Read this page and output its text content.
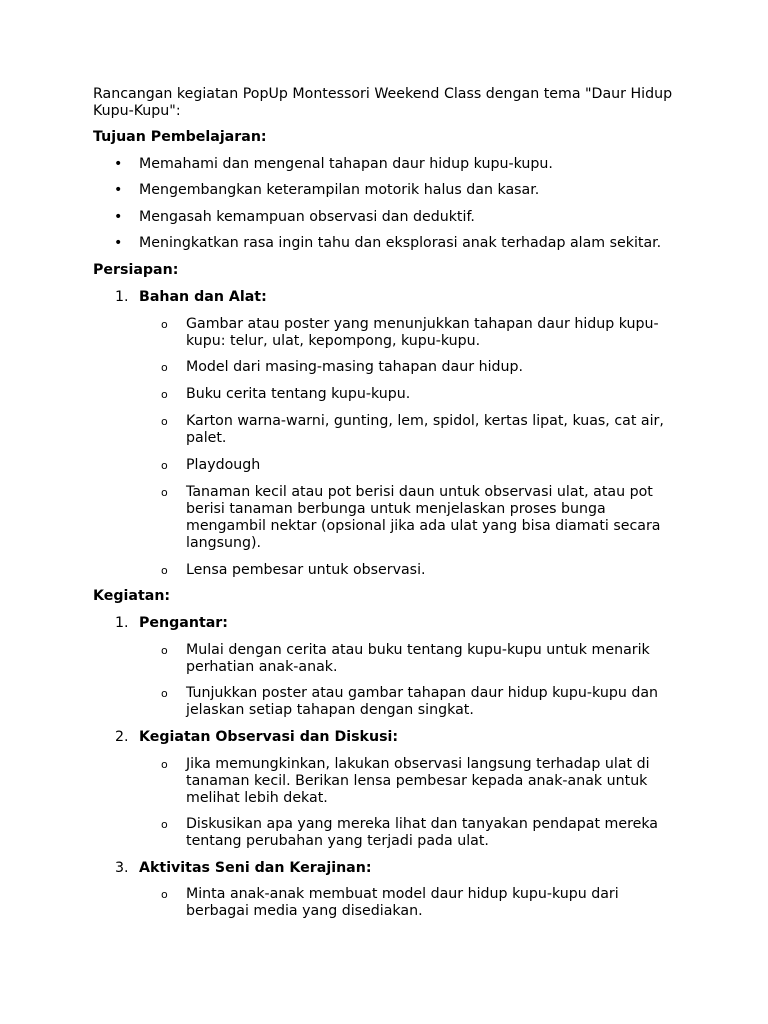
Rancangan kegiatan PopUp Montessori Weekend Class dengan tema "Daur Hidup Kupu-Kupu":
Tujuan Pembelajaran:
• Memahami dan mengenal tahapan daur hidup kupu-kupu.
• Mengembangkan keterampilan motorik halus dan kasar.
• Mengasah kemampuan observasi dan deduktif.
• Meningkatkan rasa ingin tahu dan eksplorasi anak terhadap alam sekitar.
Persiapan:
1. Bahan dan Alat:
o Gambar atau poster yang menunjukkan tahapan daur hidup kupu-kupu: telur, ulat, kepompong, kupu-kupu.
o Model dari masing-masing tahapan daur hidup.
o Buku cerita tentang kupu-kupu.
o Karton warna-warni, gunting, lem, spidol, kertas lipat, kuas, cat air, palet.
o Playdough
o Tanaman kecil atau pot berisi daun untuk observasi ulat, atau pot berisi tanaman berbunga untuk menjelaskan proses bunga mengambil nektar (opsional jika ada ulat yang bisa diamati secara langsung).
o Lensa pembesar untuk observasi.
Kegiatan:
1. Pengantar:
o Mulai dengan cerita atau buku tentang kupu-kupu untuk menarik perhatian anak-anak.
o Tunjukkan poster atau gambar tahapan daur hidup kupu-kupu dan jelaskan setiap tahapan dengan singkat.
2. Kegiatan Observasi dan Diskusi:
o Jika memungkinkan, lakukan observasi langsung terhadap ulat di tanaman kecil. Berikan lensa pembesar kepada anak-anak untuk melihat lebih dekat.
o Diskusikan apa yang mereka lihat dan tanyakan pendapat mereka tentang perubahan yang terjadi pada ulat.
3. Aktivitas Seni dan Kerajinan:
o Minta anak-anak membuat model daur hidup kupu-kupu dari berbagai media yang disediakan.
